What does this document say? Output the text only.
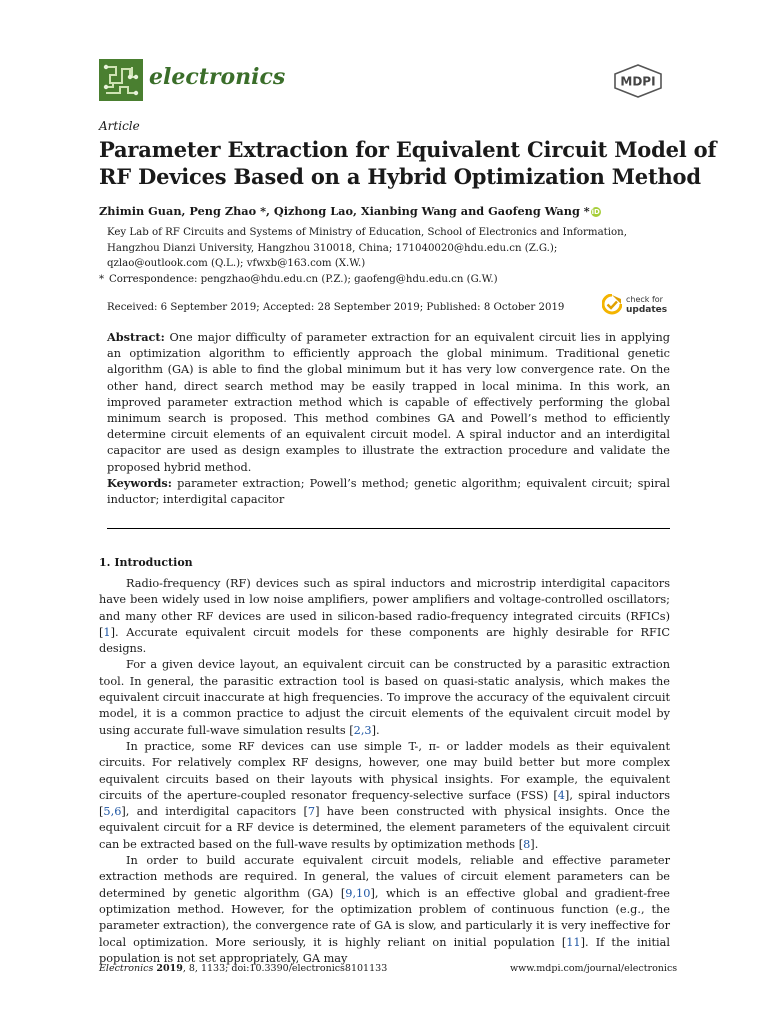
electronics	MDPI
Article
Parameter Extraction for Equivalent Circuit Model of
RF Devices Based on a Hybrid Optimization Method
Zhimin Guan, Peng Zhao *, Qizhong Lao, Xianbing Wang and Gaofeng Wang * iD
Key Lab of RF Circuits and Systems of Ministry of Education, School of Electronics and Information,
Hangzhou Dianzi University, Hangzhou 310018, China; 171040020@hdu.edu.cn (Z.G.);
qzlao@outlook.com (Q.L.); vfwxb@163.com (X.W.)
* Correspondence: pengzhao@hdu.edu.cn (P.Z.); gaofeng@hdu.edu.cn (G.W.)
Received: 6 September 2019; Accepted: 28 September 2019; Published: 8 October 2019
check for
updates

Abstract: One major difficulty of parameter extraction for an equivalent circuit lies in applying an optimization algorithm to efficiently approach the global minimum. Traditional genetic algorithm (GA) is able to find the global minimum but it has very low convergence rate. On the other hand, direct search method may be easily trapped in local minima. In this work, an improved parameter extraction method which is capable of effectively performing the global minimum search is proposed. This method combines GA and Powell’s method to efficiently determine circuit elements of an equivalent circuit model. A spiral inductor and an interdigital capacitor are used as design examples to illustrate the extraction procedure and validate the proposed hybrid method.

Keywords: parameter extraction; Powell’s method; genetic algorithm; equivalent circuit; spiral inductor; interdigital capacitor

1. Introduction

Radio-frequency (RF) devices such as spiral inductors and microstrip interdigital capacitors have been widely used in low noise amplifiers, power amplifiers and voltage-controlled oscillators; and many other RF devices are used in silicon-based radio-frequency integrated circuits (RFICs) [1]. Accurate equivalent circuit models for these components are highly desirable for RFIC designs.

For a given device layout, an equivalent circuit can be constructed by a parasitic extraction tool. In general, the parasitic extraction tool is based on quasi-static analysis, which makes the equivalent circuit inaccurate at high frequencies. To improve the accuracy of the equivalent circuit model, it is a common practice to adjust the circuit elements of the equivalent circuit model by using accurate full-wave simulation results [2,3].

In practice, some RF devices can use simple T-, π- or ladder models as their equivalent circuits. For relatively complex RF designs, however, one may build better but more complex equivalent circuits based on their layouts with physical insights. For example, the equivalent circuits of the aperture-coupled resonator frequency-selective surface (FSS) [4], spiral inductors [5,6], and interdigital capacitors [7] have been constructed with physical insights. Once the equivalent circuit for a RF device is determined, the element parameters of the equivalent circuit can be extracted based on the full-wave results by optimization methods [8].

In order to build accurate equivalent circuit models, reliable and effective parameter extraction methods are required. In general, the values of circuit element parameters can be determined by genetic algorithm (GA) [9,10], which is an effective global and gradient-free optimization method. However, for the optimization problem of continuous function (e.g., the parameter extraction), the convergence rate of GA is slow, and particularly it is very ineffective for local optimization. More seriously, it is highly reliant on initial population [11]. If the initial population is not set appropriately, GA may

Electronics 2019, 8, 1133; doi:10.3390/electronics8101133	www.mdpi.com/journal/electronics
